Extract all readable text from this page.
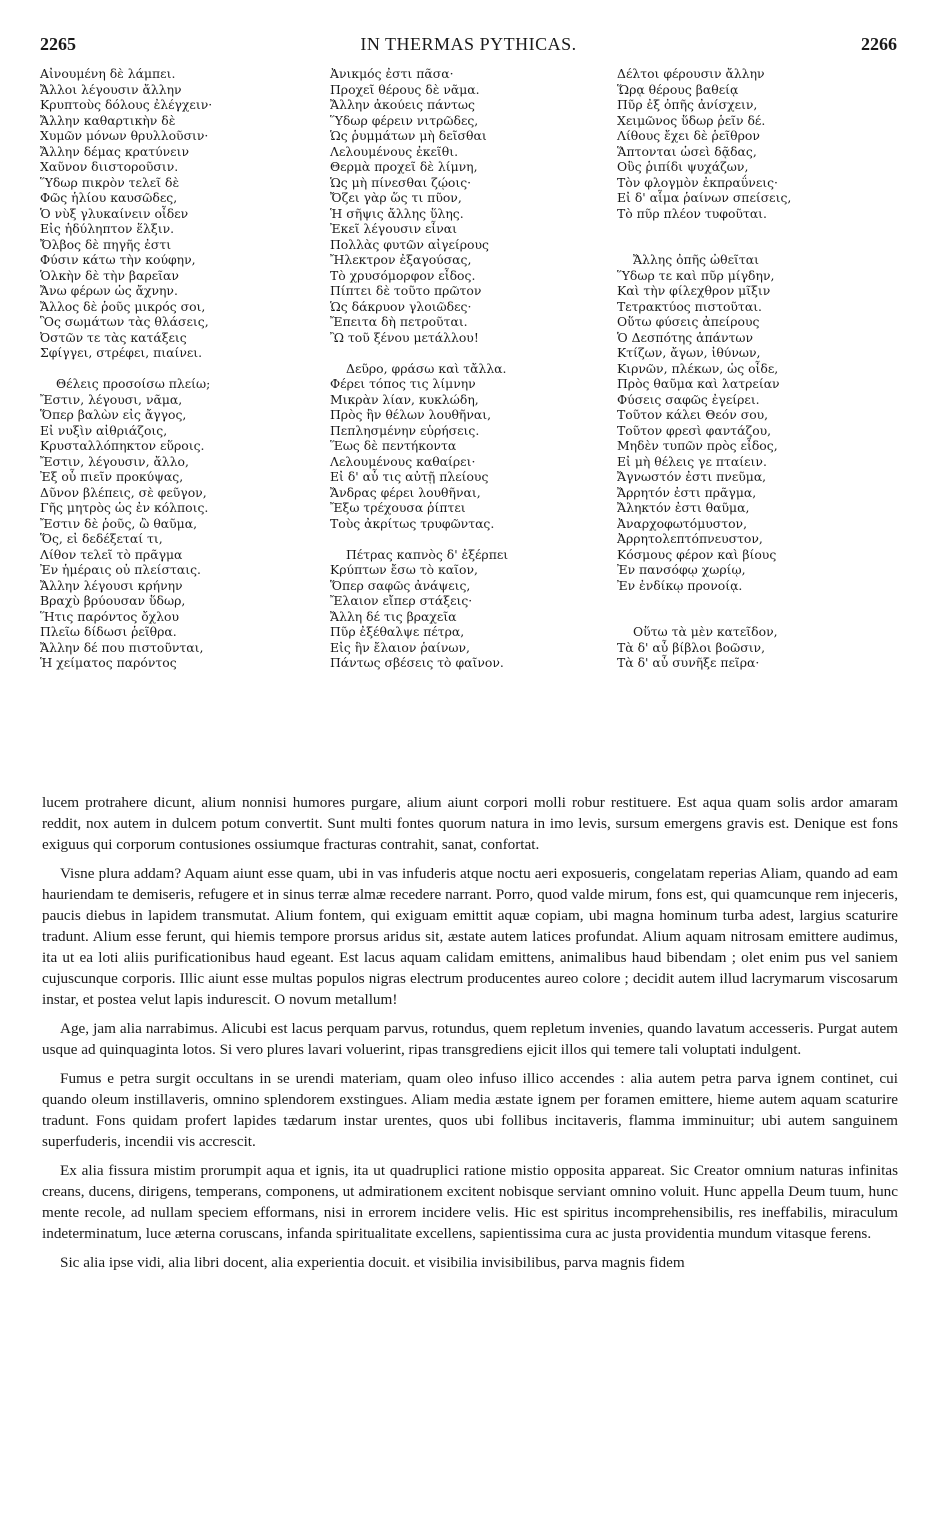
2265	IN THERMAS PYTHICAS.	2266
Αἰνουμένη δὲ λάμπει.
Ἄλλοι λέγουσιν ἄλλην
Κρυπτοὺς δόλους ἐλέγχειν·
Ἄλλην καθαρτικὴν δὲ
Χυμῶν μόνων θρυλλοῦσιν·
Ἄλλην δέμας κρατύνειν
Χαῦνον διιστοροῦσιν.
Ὕδωρ πικρὸν τελεῖ δὲ
Φῶς ἡλίου καυσῶδες,
Ὁ νὺξ γλυκαίνειν οἶδεν
Εἰς ἡδύληπτον ἕλξιν.
Ὄλβος δὲ πηγῆς ἐστι
Φύσιν κάτω τὴν κούφην,
Ὁλκὴν δὲ τὴν βαρεῖαν
Ἄνω φέρων ὡς ἄχνην.
Ἄλλος δὲ ῥοῦς μικρός σοι,
Ὃς σωμάτων τὰς θλάσεις,
Ὀστῶν τε τὰς κατάξεις
Σφίγγει, στρέφει, πιαίνει.
Θέλεις προσοίσω πλείω;
Ἔστιν, λέγουσι, νᾶμα,
Ὅπερ βαλὼν εἰς ἄγγος,
Εἰ νυξὶν αἰθριάζοις,
Κρυσταλλόπηκτον εὕροις.
Ἔστιν, λέγουσιν, ἄλλο,
Ἐξ οὗ πιεῖν προκύψας,
Δῦνον βλέπεις, σὲ φεῦγον,
Γῆς μητρὸς ὡς ἐν κόλποις.
Ἔστιν δὲ ῥοῦς, ὢ θαῦμα,
Ὅς, εἰ δεδέξεταί τι,
Λίθον τελεῖ τὸ πρᾶγμα
Ἐν ἡμέραις οὐ πλείσταις.
Ἄλλην λέγουσι κρήνην
Βραχὺ βρύουσαν ὕδωρ,
Ἥτις παρόντος ὄχλου
Πλεῖω δίδωσι ῥεῖθρα.
Ἄλλην δέ που πιστοῦνται,
Ἡ χείματος παρόντος
Ἀνικμός ἐστι πᾶσα·
Προχεῖ θέρους δὲ νᾶμα.
Ἄλλην ἀκούεις πάντως
Ὕδωρ φέρειν νιτρῶδες,
Ὡς ῥυμμάτων μὴ δεῖσθαι
Λελουμένους ἐκεῖθι.
Θερμὰ προχεῖ δὲ λίμνη,
Ὡς μὴ πίνεσθαι ζῴοις·
Ὄζει γὰρ ὥς τι πῦον,
Ἡ σῆψις ἄλλης ὕλης.
Ἐκεῖ λέγουσιν εἶναι
Πολλὰς φυτῶν αἰγείρους
Ἤλεκτρον ἐξαγούσας,
Τὸ χρυσόμορφον εἶδος.
Πίπτει δὲ τοῦτο πρῶτον
Ὡς δάκρυον γλοιῶδες·
Ἔπειτα δὴ πετροῦται.
Ὢ τοῦ ξένου μετάλλου!
Δεῦρο, φράσω καὶ τἄλλα.
Φέρει τόπος τις λίμνην
Μικρὰν λίαν, κυκλώδη,
Πρὸς ἣν θέλων λουθῆναι,
Πεπλησμένην εὑρήσεις.
Ἕως δὲ πεντήκοντα
Λελουμένους καθαίρει·
Εἰ δ' αὖ τις αὐτῇ πλείους
Ἄνδρας φέρει λουθῆναι,
Ἔξω τρέχουσα ῥίπτει
Τοὺς ἀκρίτως τρυφῶντας.
Πέτρας καπνὸς δ' ἐξέρπει
Κρύπτων ἔσω τὸ καῖον,
Ὅπερ σαφῶς ἀνάψεις,
Ἔλαιον εἴπερ στάξεις·
Ἄλλη δέ τις βραχεῖα
Πῦρ ἐξέθαλψε πέτρα,
Εἰς ἣν ἔλαιον ῥαίνων,
Πάντως σβέσεις τὸ φαῖνον.
Δέλτοι φέρουσιν ἄλλην
Ὥρᾳ θέρους βαθείᾳ
Πῦρ ἐξ ὀπῆς ἀνίσχειν,
Χειμῶνος ὕδωρ ῥεῖν δέ.
Λίθους ἔχει δὲ ῥεῖθρον
Ἅπτονται ὡσεὶ δᾷδας,
Οὓς ῥιπίδι ψυχάζων,
Τὸν φλογμὸν ἐκπραΰνεις·
Εἰ δ' αἷμα ῥαίνων σπείσεις,
Τὸ πῦρ πλέον τυφοῦται.
Ἄλλης ὀπῆς ὠθεῖται
Ὕδωρ τε καὶ πῦρ μίγδην,
Καὶ τὴν φίλεχθρον μῖξιν
Τετρακτύος πιστοῦται.
Οὕτω φύσεις ἀπείρους
Ὁ Δεσπότης ἁπάντων
Κτίζων, ἄγων, ἰθύνων,
Κιρνῶν, πλέκων, ὡς οἶδε,
Πρὸς θαῦμα καὶ λατρείαν
Φύσεις σαφῶς ἐγείρει.
Τοῦτον κάλει Θεόν σου,
Τοῦτον φρεσὶ φαντάζου,
Μηδὲν τυπῶν πρὸς εἶδος,
Εἰ μὴ θέλεις γε πταίειν.
Ἄγνωστόν ἐστι πνεῦμα,
Ἄρρητόν ἐστι πρᾶγμα,
Ἄληκτόν ἐστι θαῦμα,
Ἀναρχοφωτόμυστον,
Ἀρρητολεπτόπνευστον,
Κόσμους φέρον καὶ βίους
Ἐν πανσόφῳ χωρίῳ,
Ἐν ἐνδίκῳ προνοίᾳ.
Οὕτω τὰ μὲν κατεῖδον,
Τὰ δ' αὖ βίβλοι βοῶσιν,
Τὰ δ' αὖ συνῆξε πεῖρα·

lucem protrahere dicunt, alium nonnisi humores purgare, alium aiunt corpori molli robur restituere. Est aqua quam solis ardor amaram reddit, nox autem in dulcem potum convertit. Sunt multi fontes quorum natura in imo levis, sursum emergens gravis est. Denique est fons exiguus qui corporum contusiones ossiumque fracturas contrahit, sanat, confortat.

Visne plura addam? Aquam aiunt esse quam, ubi in vas infuderis atque noctu aeri exposueris, congelatam reperias Aliam, quando ad eam hauriendam te demiseris, refugere et in sinus terræ almæ recedere narrant. Porro, quod valde mirum, fons est, qui quamcunque rem injeceris, paucis diebus in lapidem transmutat. Alium fontem, qui exiguam emittit aquæ copiam, ubi magna hominum turba adest, largius scaturire tradunt. Alium esse ferunt, qui hiemis tempore prorsus aridus sit, æstate autem latices profundat. Alium aquam nitrosam emittere audimus, ita ut ea loti aliis purificationibus haud egeant. Est lacus aquam calidam emittens, animalibus haud bibendam ; olet enim pus vel saniem cujuscunque corporis. Illic aiunt esse multas populos nigras electrum producentes aureo colore ; decidit autem illud lacrymarum viscosarum instar, et postea velut lapis indurescit. O novum metallum!

Age, jam alia narrabimus. Alicubi est lacus perquam parvus, rotundus, quem repletum invenies, quando lavatum accesseris. Purgat autem usque ad quinquaginta lotos. Si vero plures lavari voluerint, ripas transgrediens ejicit illos qui temere tali voluptati indulgent.

Fumus e petra surgit occultans in se urendi materiam, quam oleo infuso illico accendes : alia autem petra parva ignem continet, cui quando oleum instillaveris, omnino splendorem exstingues. Aliam media æstate ignem per foramen emittere, hieme autem aquam scaturire tradunt. Fons quidam profert lapides tædarum instar urentes, quos ubi follibus incitaveris, flamma imminuitur; ubi autem sanguinem superfuderis, incendii vis accrescit.

Ex alia fissura mistim prorumpit aqua et ignis, ita ut quadruplici ratione mistio opposita appareat. Sic Creator omnium naturas infinitas creans, ducens, dirigens, temperans, componens, ut admirationem excitent nobisque serviant omnino voluit. Hunc appella Deum tuum, hunc mente recole, ad nullam speciem efformans, nisi in errorem incidere velis. Hic est spiritus incomprehensibilis, res ineffabilis, miraculum indeterminatum, luce æterna coruscans, infanda spiritualitate excellens, sapientissima cura ac justa providentia mundum vitasque ferens.

Sic alia ipse vidi, alia libri docent, alia experientia docuit. et visibilia invisibilibus, parva magnis fidem
